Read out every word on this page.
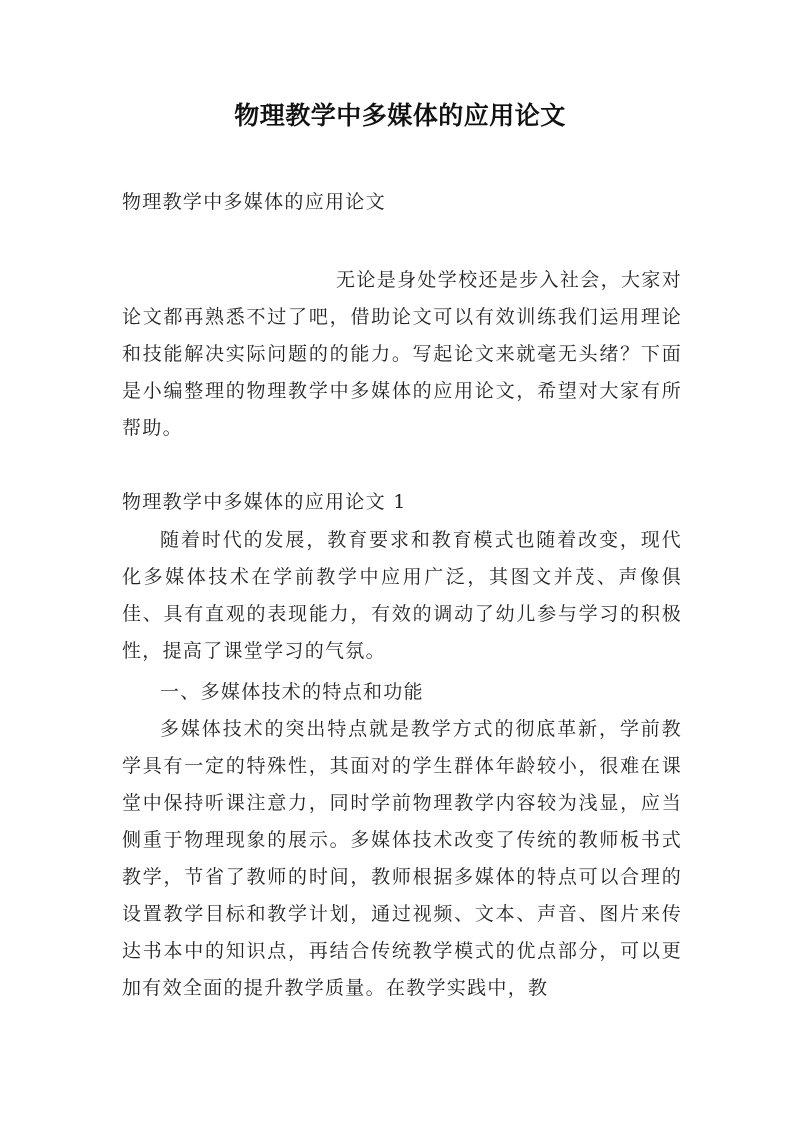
物理教学中多媒体的应用论文
物理教学中多媒体的应用论文

无论是身处学校还是步入社会，大家对论文都再熟悉不过了吧，借助论文可以有效训练我们运用理论和技能解决实际问题的的能力。写起论文来就毫无头绪？下面是小编整理的物理教学中多媒体的应用论文，希望对大家有所帮助。

物理教学中多媒体的应用论文 1

随着时代的发展，教育要求和教育模式也随着改变，现代化多媒体技术在学前教学中应用广泛，其图文并茂、声像俱佳、具有直观的表现能力，有效的调动了幼儿参与学习的积极性，提高了课堂学习的气氛。

一、多媒体技术的特点和功能

多媒体技术的突出特点就是教学方式的彻底革新，学前教学具有一定的特殊性，其面对的学生群体年龄较小，很难在课堂中保持听课注意力，同时学前物理教学内容较为浅显，应当侧重于物理现象的展示。多媒体技术改变了传统的教师板书式教学，节省了教师的时间，教师根据多媒体的特点可以合理的设置教学目标和教学计划，通过视频、文本、声音、图片来传达书本中的知识点，再结合传统教学模式的优点部分，可以更加有效全面的提升教学质量。在教学实践中，教
